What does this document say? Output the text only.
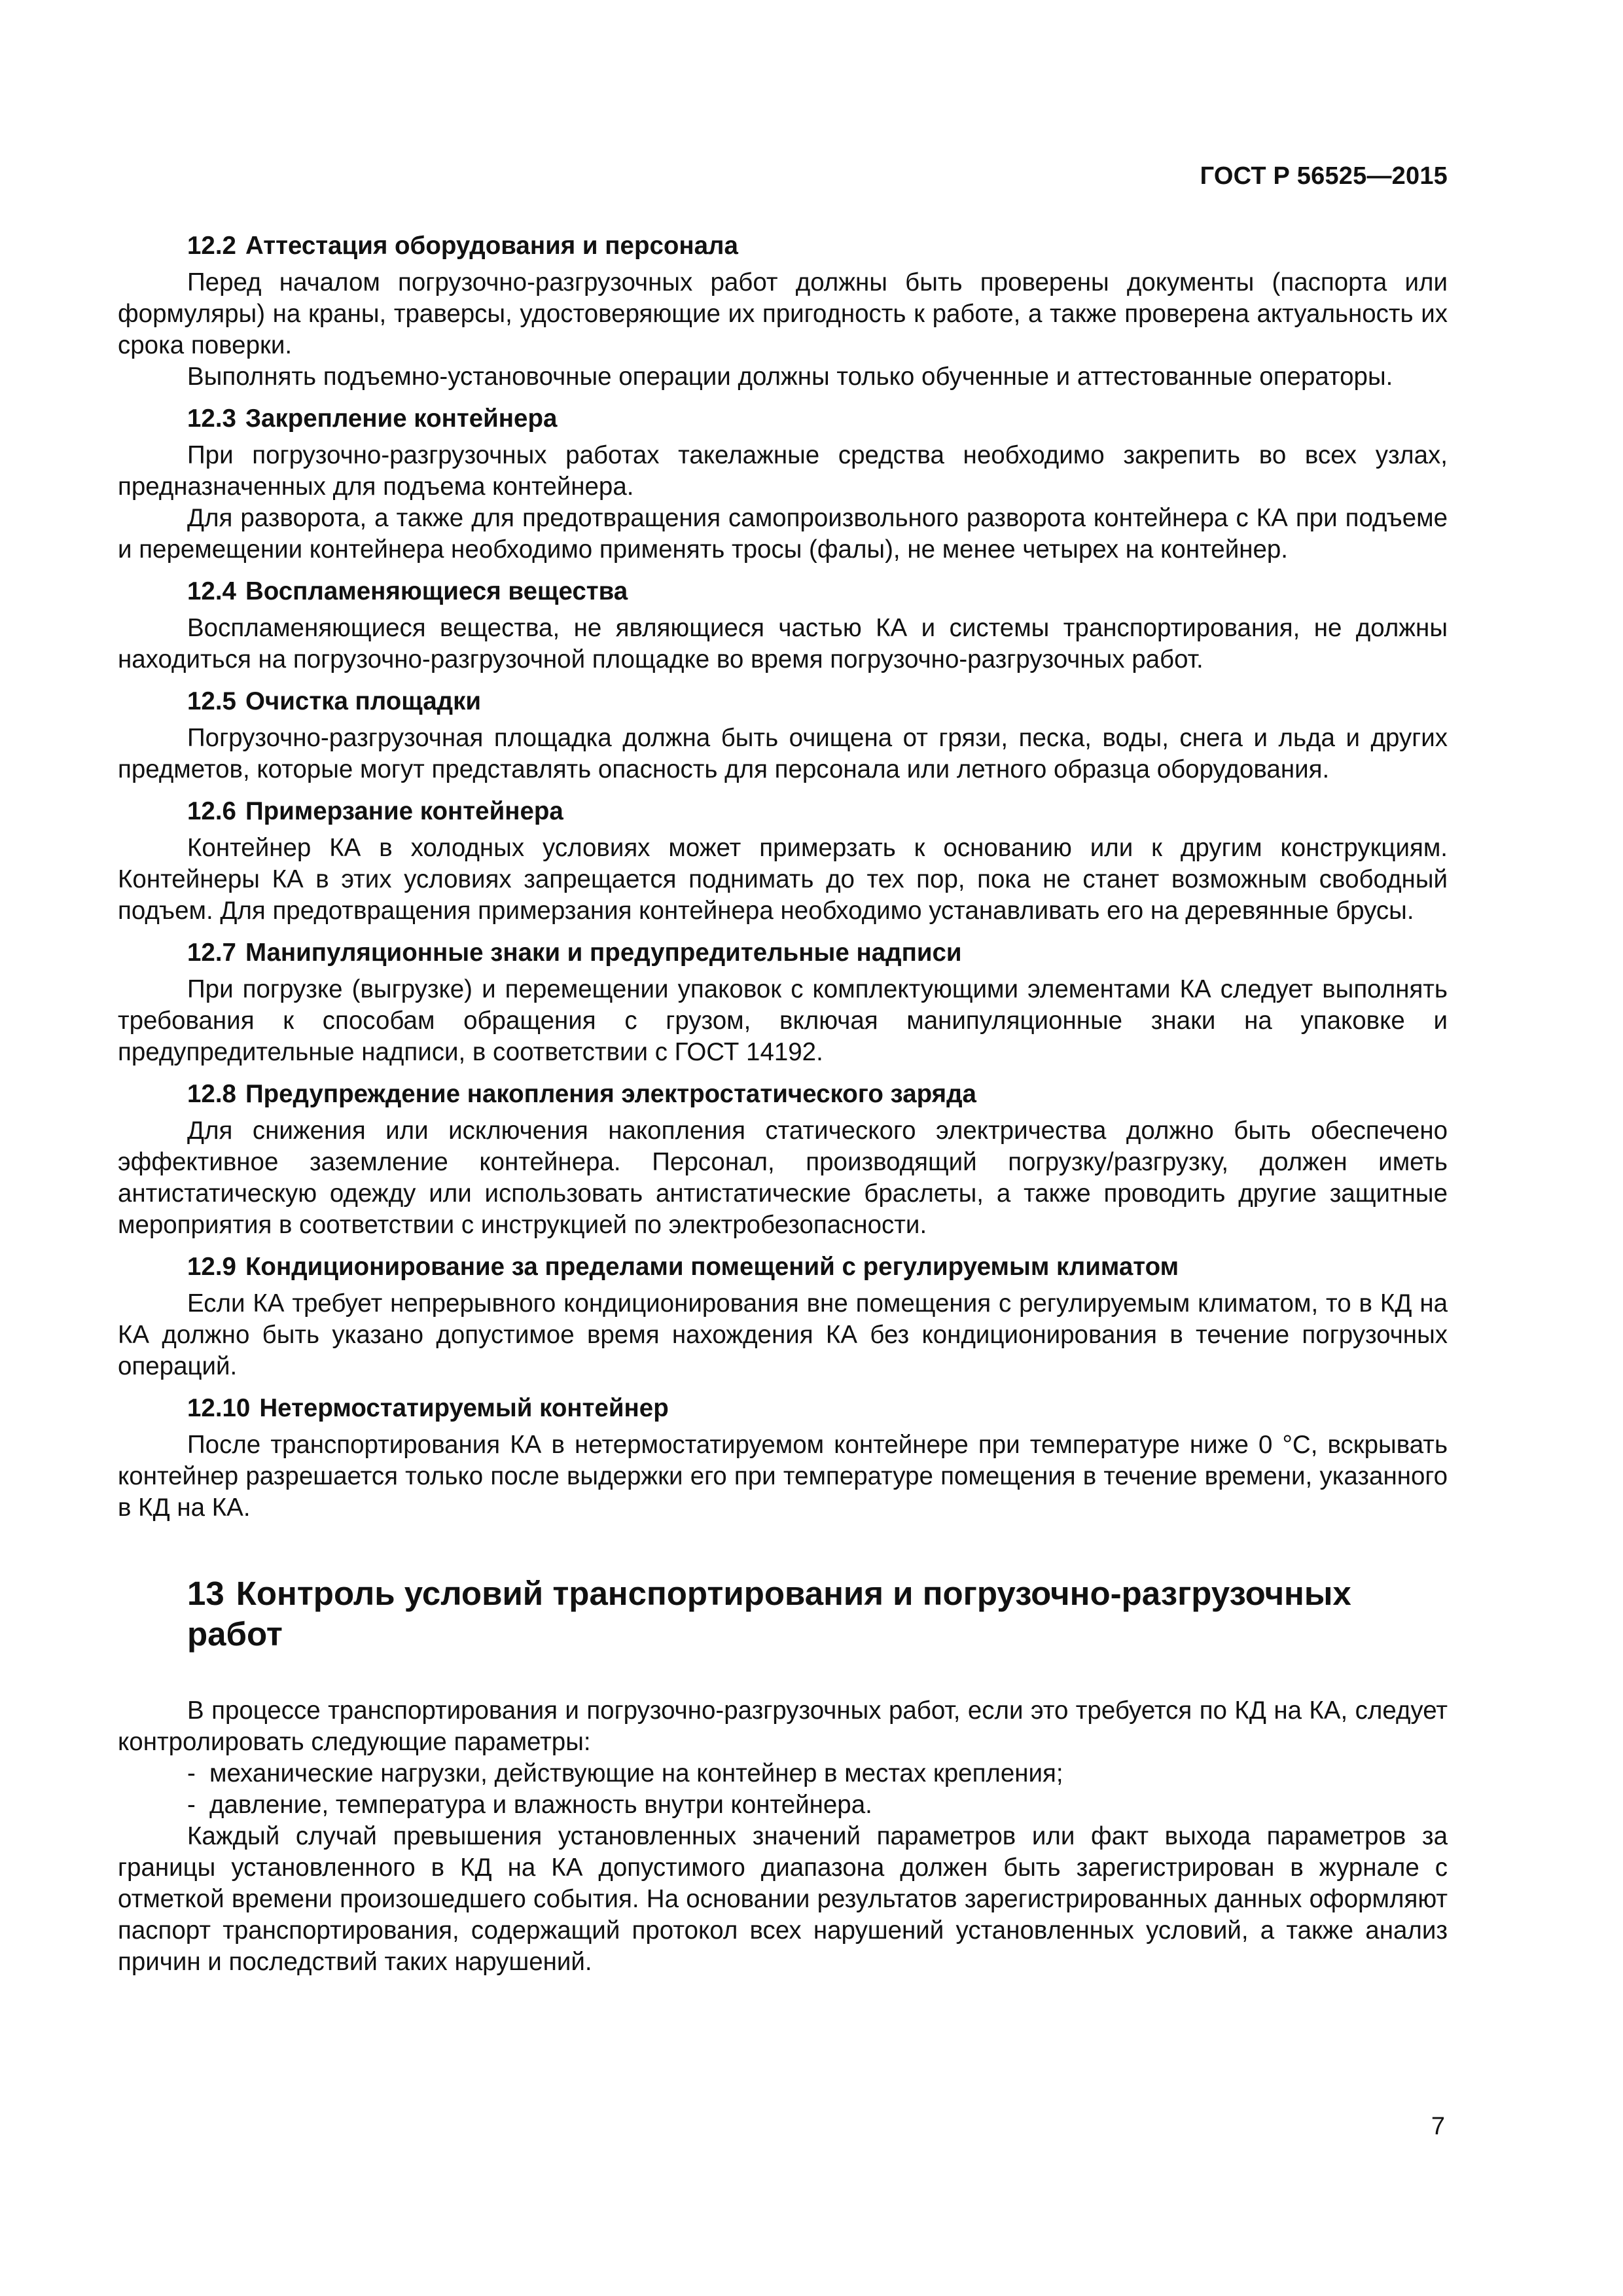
ГОСТ Р 56525—2015
12.2 Аттестация оборудования и персонала

Перед началом погрузочно-разгрузочных работ должны быть проверены документы (паспорта или формуляры) на краны, траверсы, удостоверяющие их пригодность к работе, а также проверена актуальность их срока поверки.

Выполнять подъемно-установочные операции должны только обученные и аттестованные операторы.

12.3 Закрепление контейнера

При погрузочно-разгрузочных работах такелажные средства необходимо закрепить во всех узлах, предназначенных для подъема контейнера.

Для разворота, а также для предотвращения самопроизвольного разворота контейнера с КА при подъеме и перемещении контейнера необходимо применять тросы (фалы), не менее четырех на контейнер.

12.4 Воспламеняющиеся вещества

Воспламеняющиеся вещества, не являющиеся частью КА и системы транспортирования, не должны находиться на погрузочно-разгрузочной площадке во время погрузочно-разгрузочных работ.

12.5 Очистка площадки

Погрузочно-разгрузочная площадка должна быть очищена от грязи, песка, воды, снега и льда и других предметов, которые могут представлять опасность для персонала или летного образца оборудования.

12.6 Примерзание контейнера

Контейнер КА в холодных условиях может примерзать к основанию или к другим конструкциям. Контейнеры КА в этих условиях запрещается поднимать до тех пор, пока не станет возможным свободный подъем. Для предотвращения примерзания контейнера необходимо устанавливать его на деревянные брусы.

12.7 Манипуляционные знаки и предупредительные надписи

При погрузке (выгрузке) и перемещении упаковок с комплектующими элементами КА следует выполнять требования к способам обращения с грузом, включая манипуляционные знаки на упаковке и предупредительные надписи, в соответствии с ГОСТ 14192.

12.8 Предупреждение накопления электростатического заряда

Для снижения или исключения накопления статического электричества должно быть обеспечено эффективное заземление контейнера. Персонал, производящий погрузку/разгрузку, должен иметь антистатическую одежду или использовать антистатические браслеты, а также проводить другие защитные мероприятия в соответствии с инструкцией по электробезопасности.

12.9 Кондиционирование за пределами помещений с регулируемым климатом

Если КА требует непрерывного кондиционирования вне помещения с регулируемым климатом, то в КД на КА должно быть указано допустимое время нахождения КА без кондиционирования в течение погрузочных операций.

12.10 Нетермостатируемый контейнер

После транспортирования КА в нетермостатируемом контейнере при температуре ниже 0 °С, вскрывать контейнер разрешается только после выдержки его при температуре помещения в течение времени, указанного в КД на КА.

13 Контроль условий транспортирования и погрузочно-разгрузочных работ

В процессе транспортирования и погрузочно-разгрузочных работ, если это требуется по КД на КА, следует контролировать следующие параметры:

- механические нагрузки, действующие на контейнер в местах крепления;

- давление, температура и влажность внутри контейнера.

Каждый случай превышения установленных значений параметров или факт выхода параметров за границы установленного в КД на КА допустимого диапазона должен быть зарегистрирован в журнале с отметкой времени произошедшего события. На основании результатов зарегистрированных данных оформляют паспорт транспортирования, содержащий протокол всех нарушений установленных условий, а также анализ причин и последствий таких нарушений.

7
